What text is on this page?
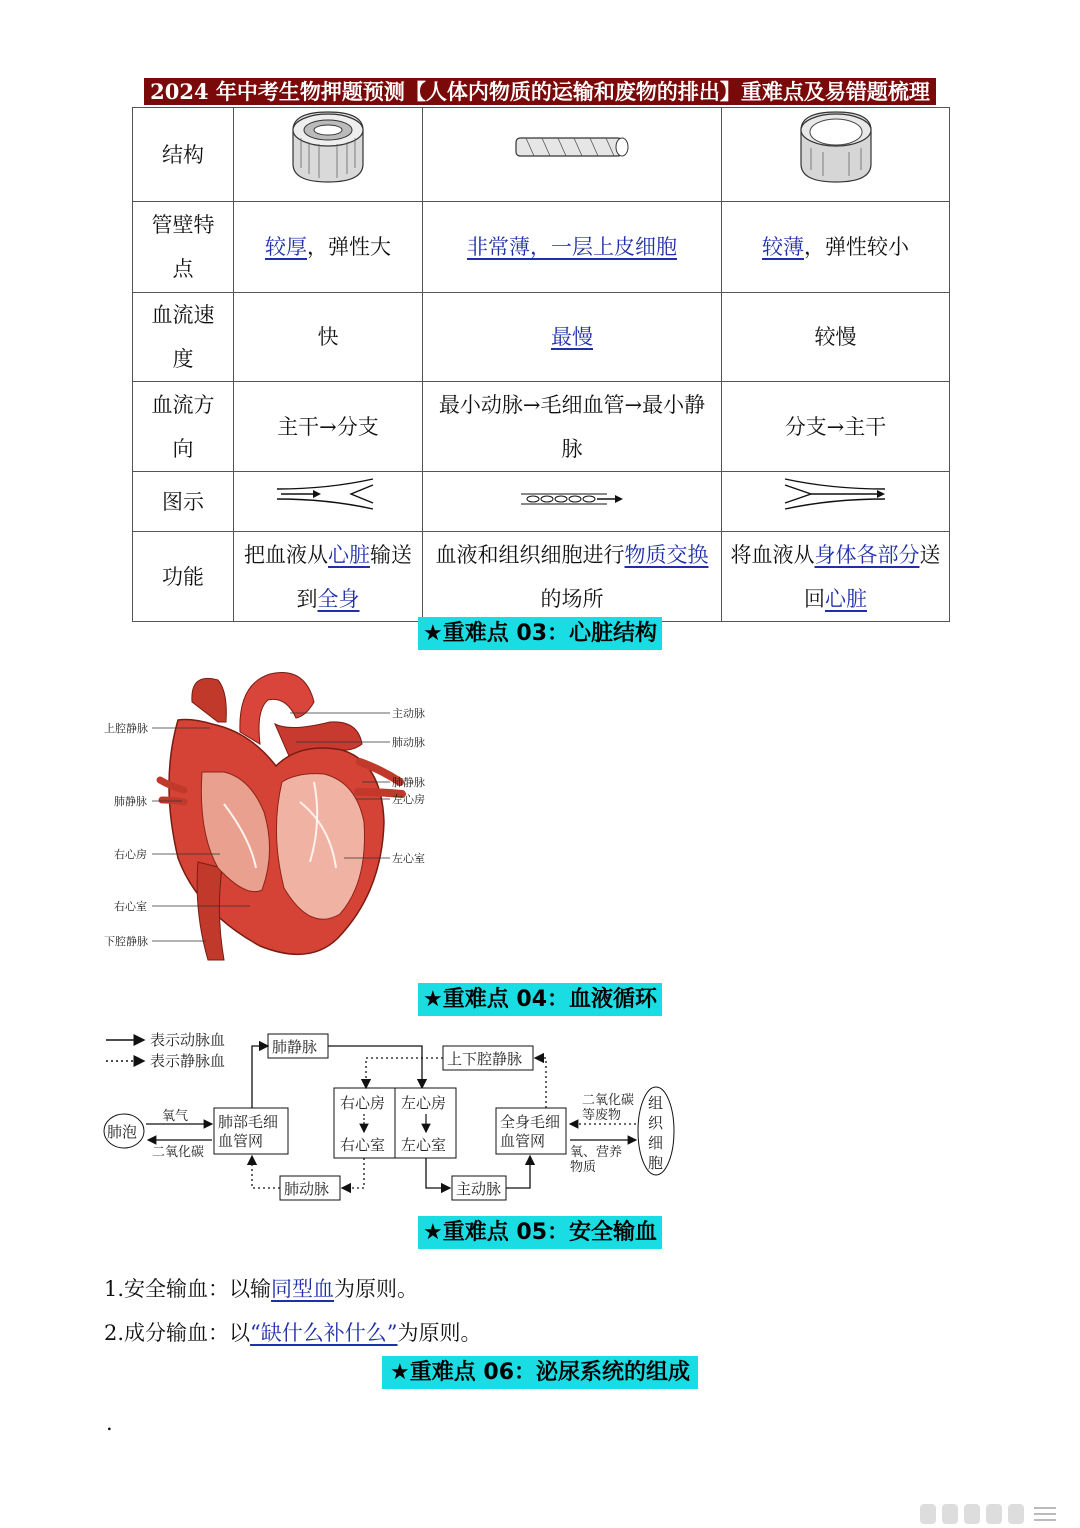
2024 年中考生物押题预测【人体内物质的运输和废物的排出】重难点及易错题梳理
结构			
管壁特点	较厚，弹性大	非常薄，一层上皮细胞	较薄，弹性较小
血流速度	快	最慢	较慢
血流方向	主干→分支	最小动脉→毛细血管→最小静脉	分支→主干
图示			
功能	把血液从心脏输送到全身	血液和组织细胞进行物质交换的场所	将血液从身体各部分送回心脏
★重难点 03：心脏结构
上腔静脉
肺静脉
右心房
右心室
下腔静脉
主动脉
肺动脉
肺静脉
左心房
左心室
★重难点 04：血液循环
表示动脉血
表示静脉血
肺泡
氧气
二氧化碳
肺部毛细
血管网
肺静脉
右心房 左心房
右心室 左心室
上下腔静脉
全身毛细
血管网
肺动脉	主动脉
组
织
细
胞
二氧化碳
等废物
氧、营养
物质
★重难点 05：安全输血
1.安全输血：以输同型血为原则。
2.成分输血：以“缺什么补什么”为原则。
★重难点 06：泌尿系统的组成
.
